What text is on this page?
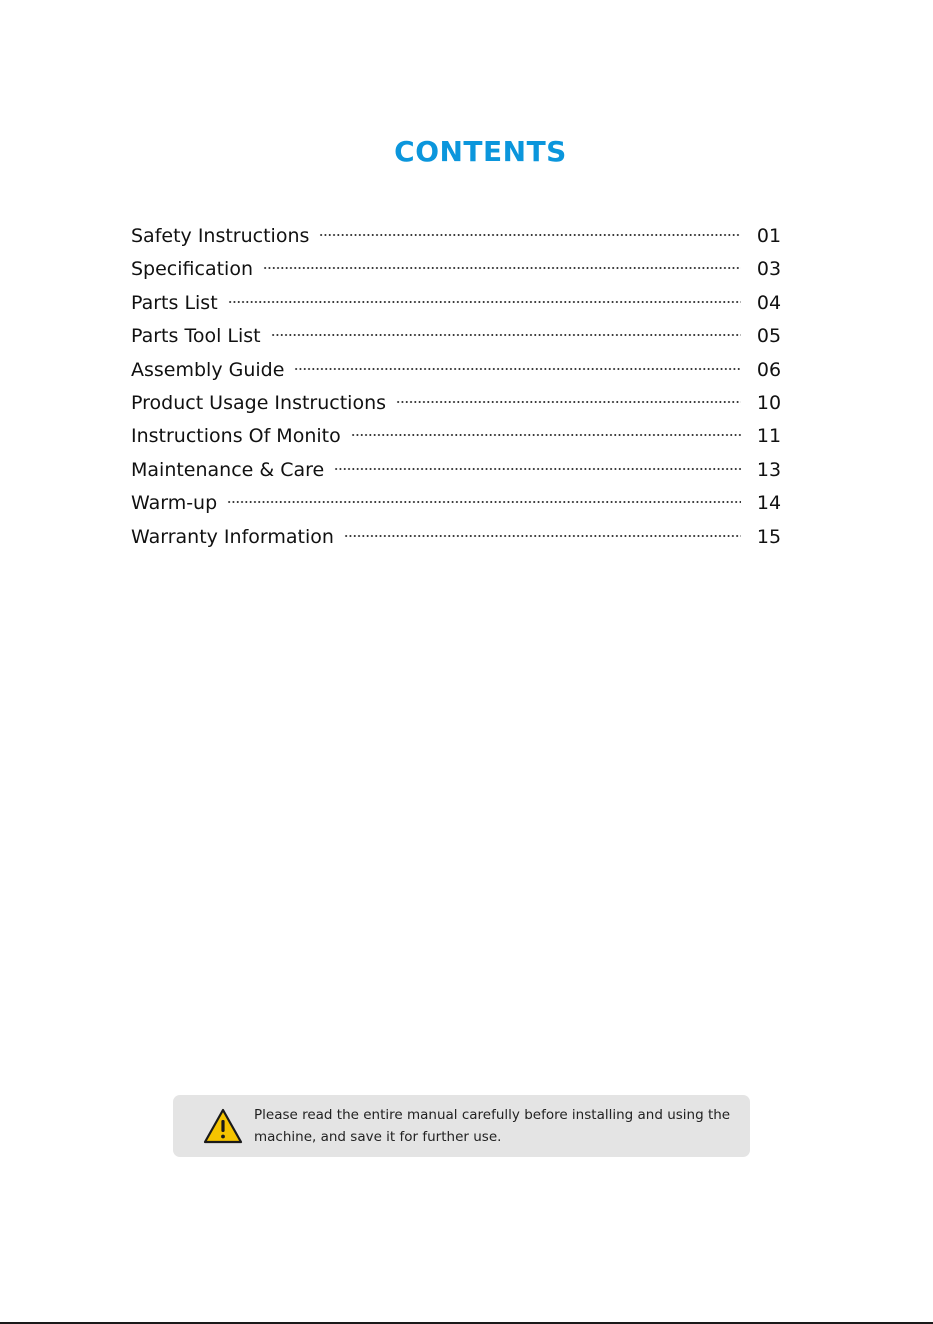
CONTENTS
Safety Instructions	01
Specification	03
Parts List	04
Parts Tool List	05
Assembly Guide	06
Product Usage Instructions	10
Instructions Of Monito	11
Maintenance & Care	13
Warm-up	14
Warranty Information	15
Please read the entire manual carefully before installing and using the machine, and save it for further use.
